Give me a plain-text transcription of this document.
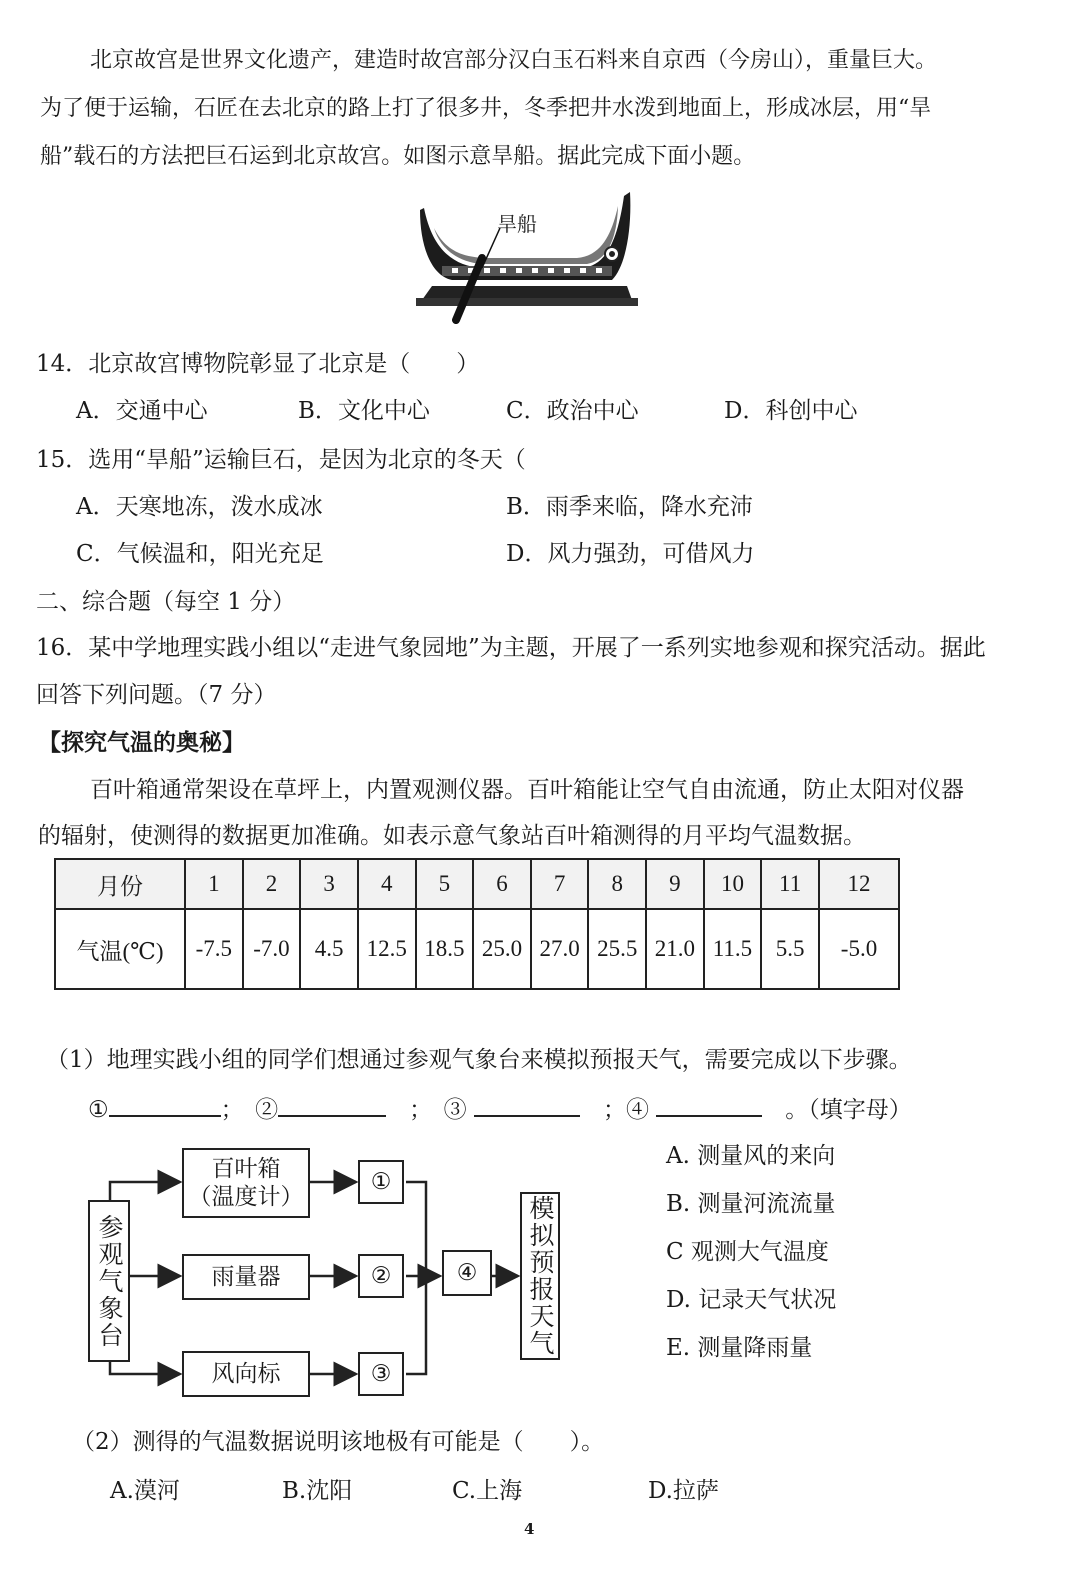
北京故宫是世界文化遗产，建造时故宫部分汉白玉石料来自京西（今房山），重量巨大。
为了便于运输，石匠在去北京的路上打了很多井，冬季把井水泼到地面上，形成冰层，用“旱
船”载石的方法把巨石运到北京故宫。如图示意旱船。据此完成下面小题。
旱船
14．北京故宫博物院彰显了北京是（　　）
A．交通中心	B．文化中心	C．政治中心	D．科创中心
15．选用“旱船”运输巨石，是因为北京的冬天（
A．天寒地冻，泼水成冰	B．雨季来临，降水充沛
C．气候温和，阳光充足	D．风力强劲，可借风力
二、综合题（每空 1 分）
16．某中学地理实践小组以“走进气象园地”为主题，开展了一系列实地参观和探究活动。据此
回答下列问题。（7 分）
【探究气温的奥秘】
百叶箱通常架设在草坪上，内置观测仪器。百叶箱能让空气自由流通，防止太阳对仪器
的辐射，使测得的数据更加准确。如表示意气象站百叶箱测得的月平均气温数据。
月份	1	2	3	4	5	6	7	8	9	10	11	12
气温(℃)	-7.5	-7.0	4.5	12.5	18.5	25.0	27.0	25.5	21.0	11.5	5.5	-5.0
（1）地理实践小组的同学们想通过参观气象台来模拟预报天气，需要完成以下步骤。
①	；　②	　；　③	　；④ 　	。（填字母）
参观气象台
百叶箱
（温度计）
雨量器
风向标
①
②
③
④ 模拟预报天气
A. 测量风的来向
B. 测量河流流量
C 观测大气温度
D. 记录天气状况
E. 测量降雨量
（2）测得的气温数据说明该地极有可能是（　　）。
A.漠河	B.沈阳	C.上海	D.拉萨
4
